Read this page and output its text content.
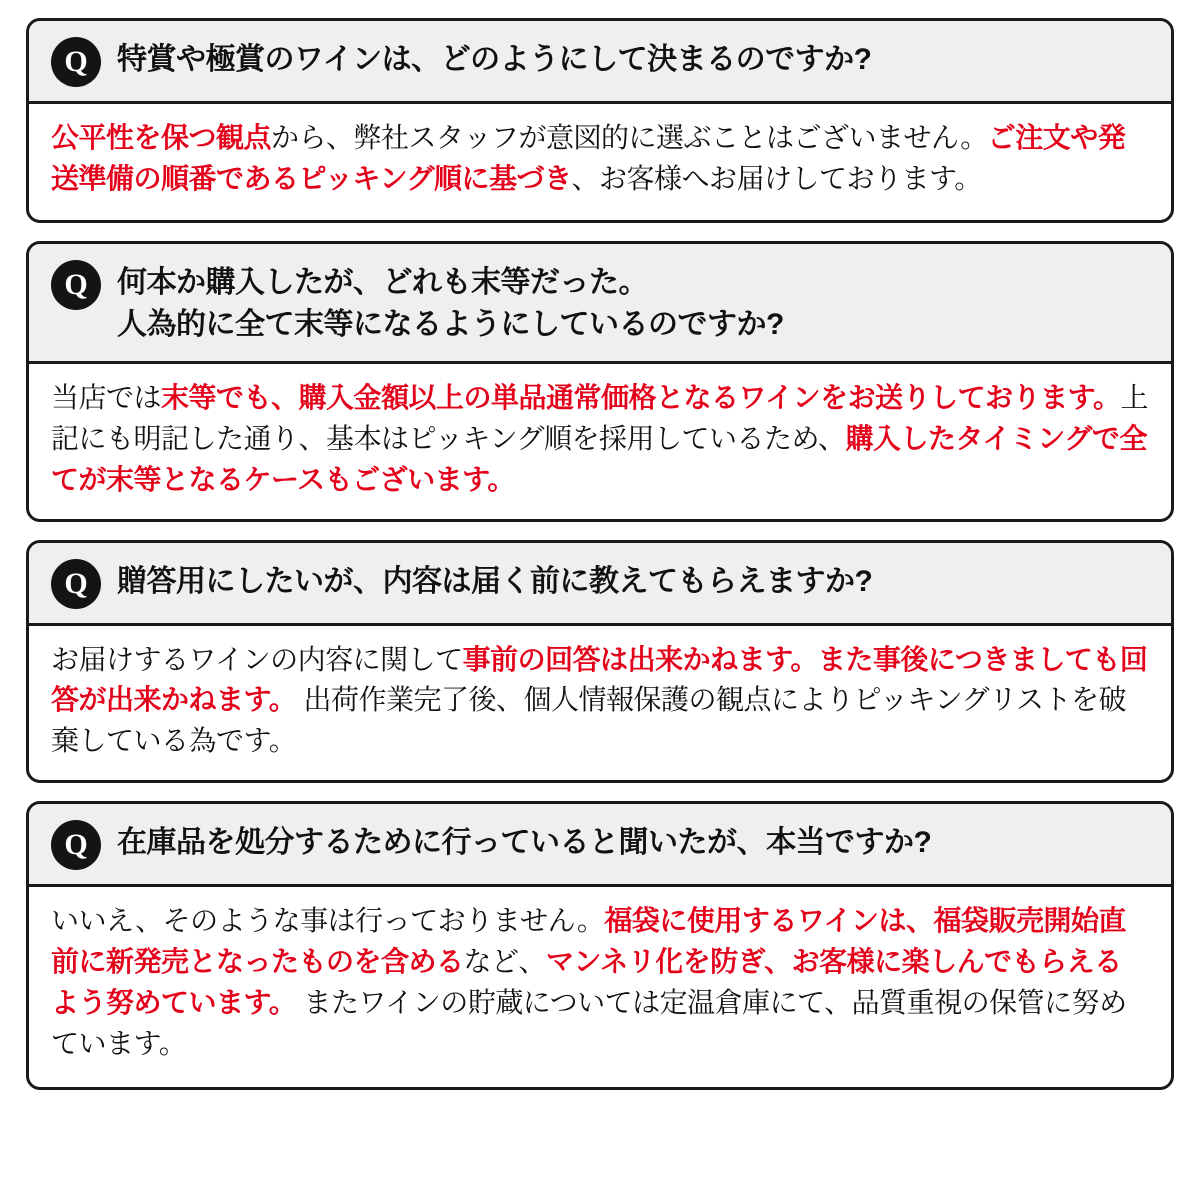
Q 特賞や極賞のワインは、どのようにして決まるのですか?
公平性を保つ観点から、弊社スタッフが意図的に選ぶことはございません。ご注文や発送準備の順番であるピッキング順に基づき、お客様へお届けしております。
Q 何本か購入したが、どれも末等だった。
人為的に全て末等になるようにしているのですか?
当店では末等でも、購入金額以上の単品通常価格となるワインをお送りしております。上記にも明記した通り、基本はピッキング順を採用しているため、購入したタイミングで全てが末等となるケースもございます。
Q 贈答用にしたいが、内容は届く前に教えてもらえますか?
お届けするワインの内容に関して事前の回答は出来かねます。また事後につきましても回答が出来かねます。 出荷作業完了後、個人情報保護の観点によりピッキングリストを破棄している為です。
Q 在庫品を処分するために行っていると聞いたが、本当ですか?
いいえ、そのような事は行っておりません。福袋に使用するワインは、福袋販売開始直前に新発売となったものを含めるなど、マンネリ化を防ぎ、お客様に楽しんでもらえるよう努めています。 またワインの貯蔵については定温倉庫にて、品質重視の保管に努めています。
